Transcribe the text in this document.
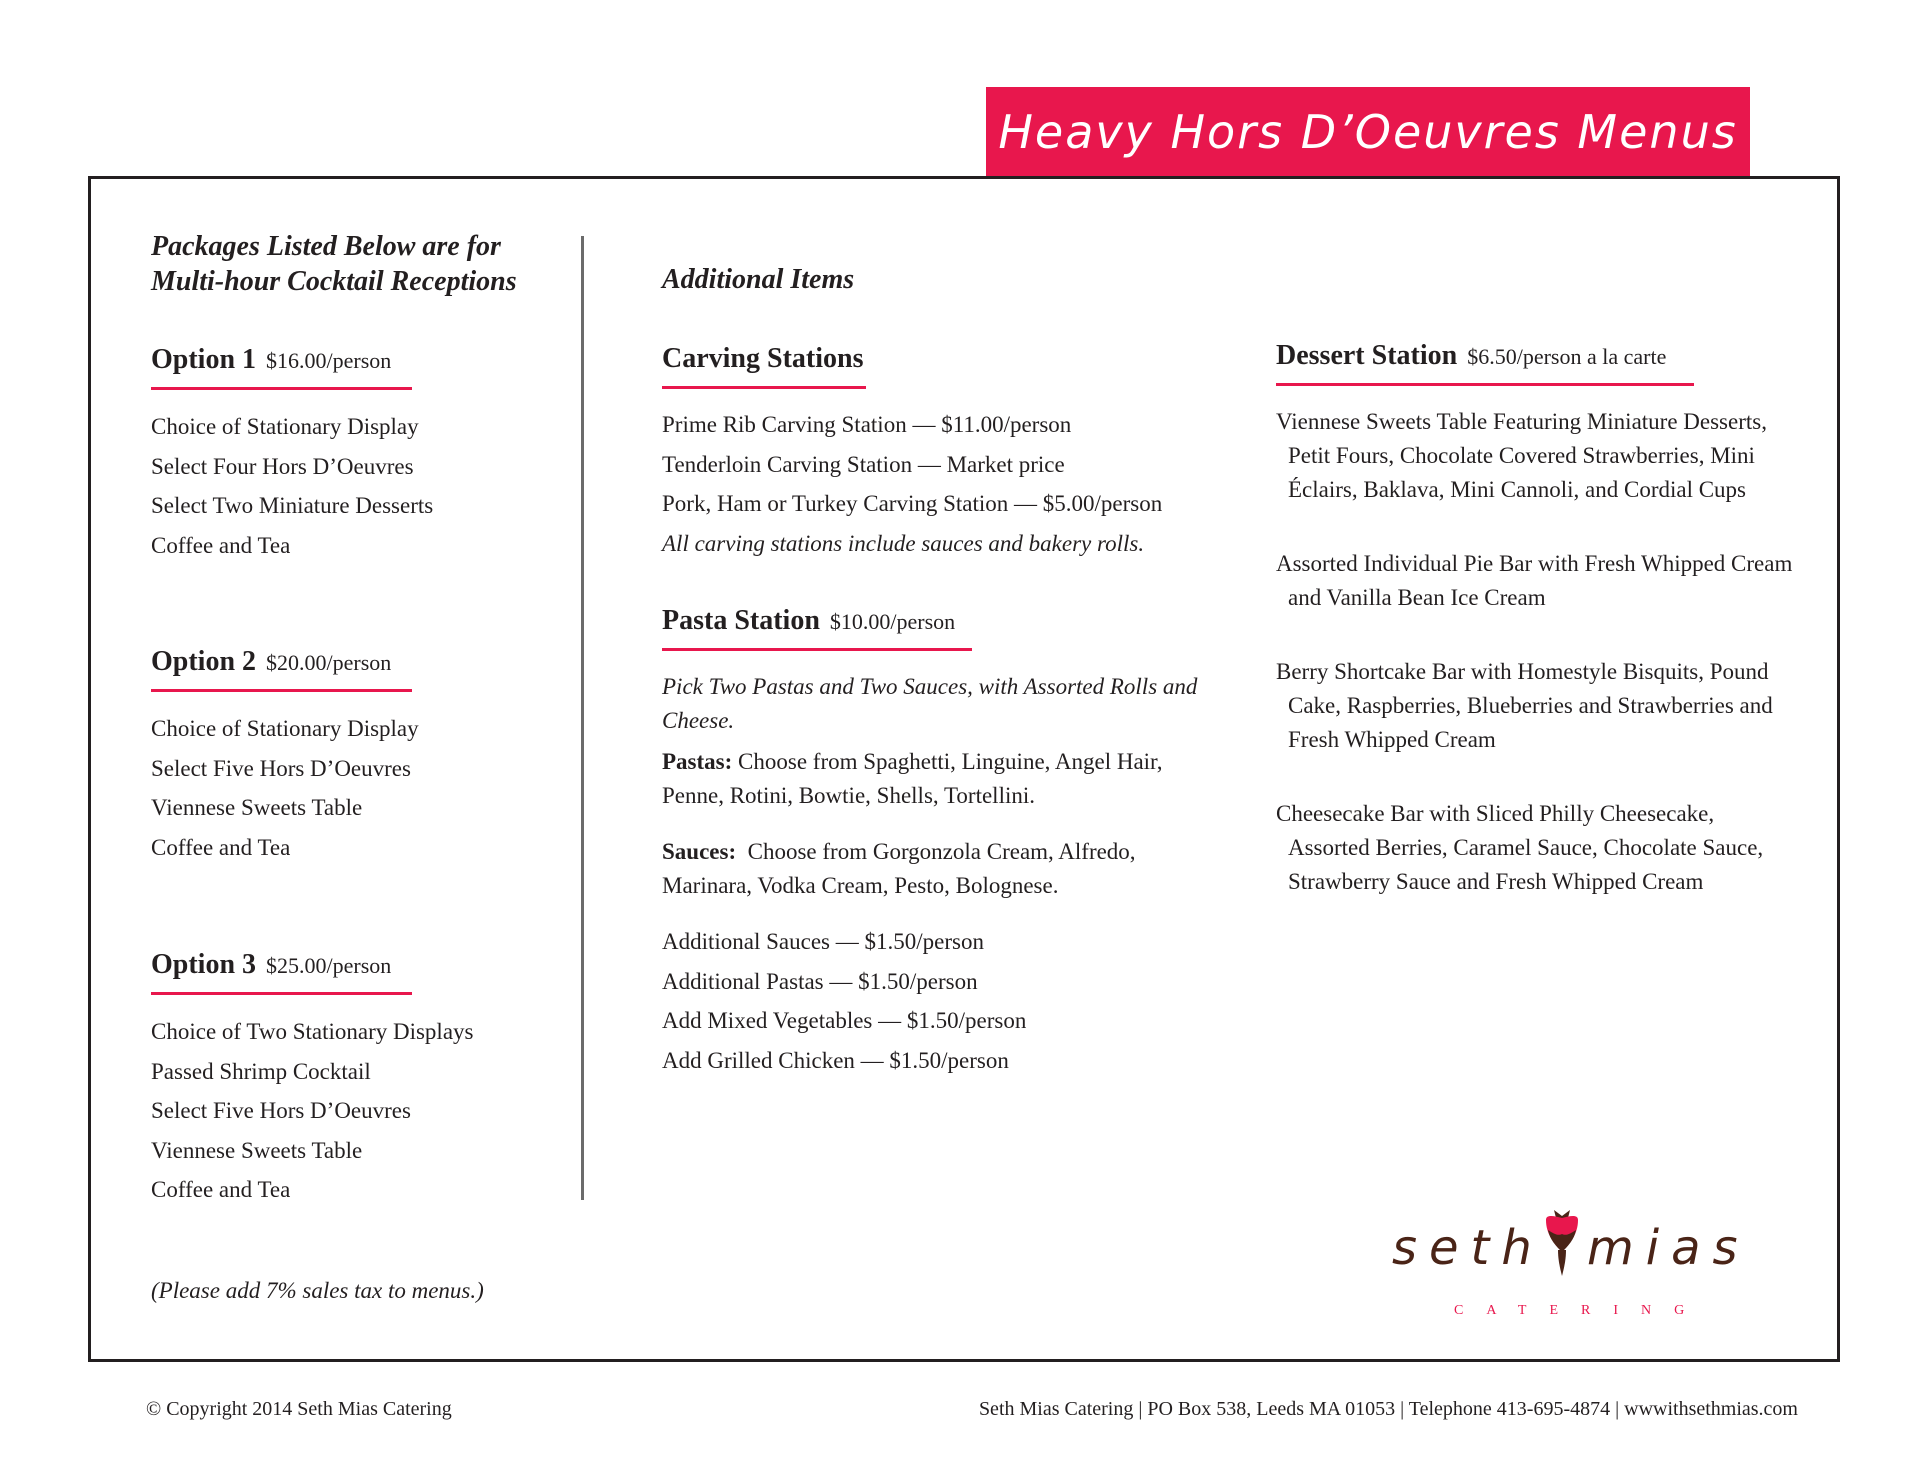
Heavy Hors D’Oeuvres Menus
Packages Listed Below are for
Multi-hour Cocktail Receptions
Option 1 $16.00/person
Choice of Stationary Display
Select Four Hors D’Oeuvres
Select Two Miniature Desserts
Coffee and Tea
Option 2 $20.00/person
Choice of Stationary Display
Select Five Hors D’Oeuvres
Viennese Sweets Table
Coffee and Tea
Option 3 $25.00/person
Choice of Two Stationary Displays
Passed Shrimp Cocktail
Select Five Hors D’Oeuvres
Viennese Sweets Table
Coffee and Tea
(Please add 7% sales tax to menus.)
Additional Items
Carving Stations
Prime Rib Carving Station — $11.00/person
Tenderloin Carving Station — Market price
Pork, Ham or Turkey Carving Station — $5.00/person
All carving stations include sauces and bakery rolls.
Pasta Station $10.00/person
Pick Two Pastas and Two Sauces, with Assorted Rolls and Cheese.
Pastas: Choose from Spaghetti, Linguine, Angel Hair, Penne, Rotini, Bowtie, Shells, Tortellini.
Sauces: Choose from Gorgonzola Cream, Alfredo, Marinara, Vodka Cream, Pesto, Bolognese.
Additional Sauces — $1.50/person
Additional Pastas — $1.50/person
Add Mixed Vegetables — $1.50/person
Add Grilled Chicken — $1.50/person
Dessert Station $6.50/person a la carte
Viennese Sweets Table Featuring Miniature Desserts, Petit Fours, Chocolate Covered Strawberries, Mini Éclairs, Baklava, Mini Cannoli, and Cordial Cups
Assorted Individual Pie Bar with Fresh Whipped Cream and Vanilla Bean Ice Cream
Berry Shortcake Bar with Homestyle Bisquits, Pound Cake, Raspberries, Blueberries and Strawberries and Fresh Whipped Cream
Cheesecake Bar with Sliced Philly Cheesecake, Assorted Berries, Caramel Sauce, Chocolate Sauce, Strawberry Sauce and Fresh Whipped Cream
seth mias
CATERING
© Copyright 2014 Seth Mias Catering	Seth Mias Catering | PO Box 538, Leeds MA 01053 | Telephone 413-695-4874 | wwwithsethmias.com
